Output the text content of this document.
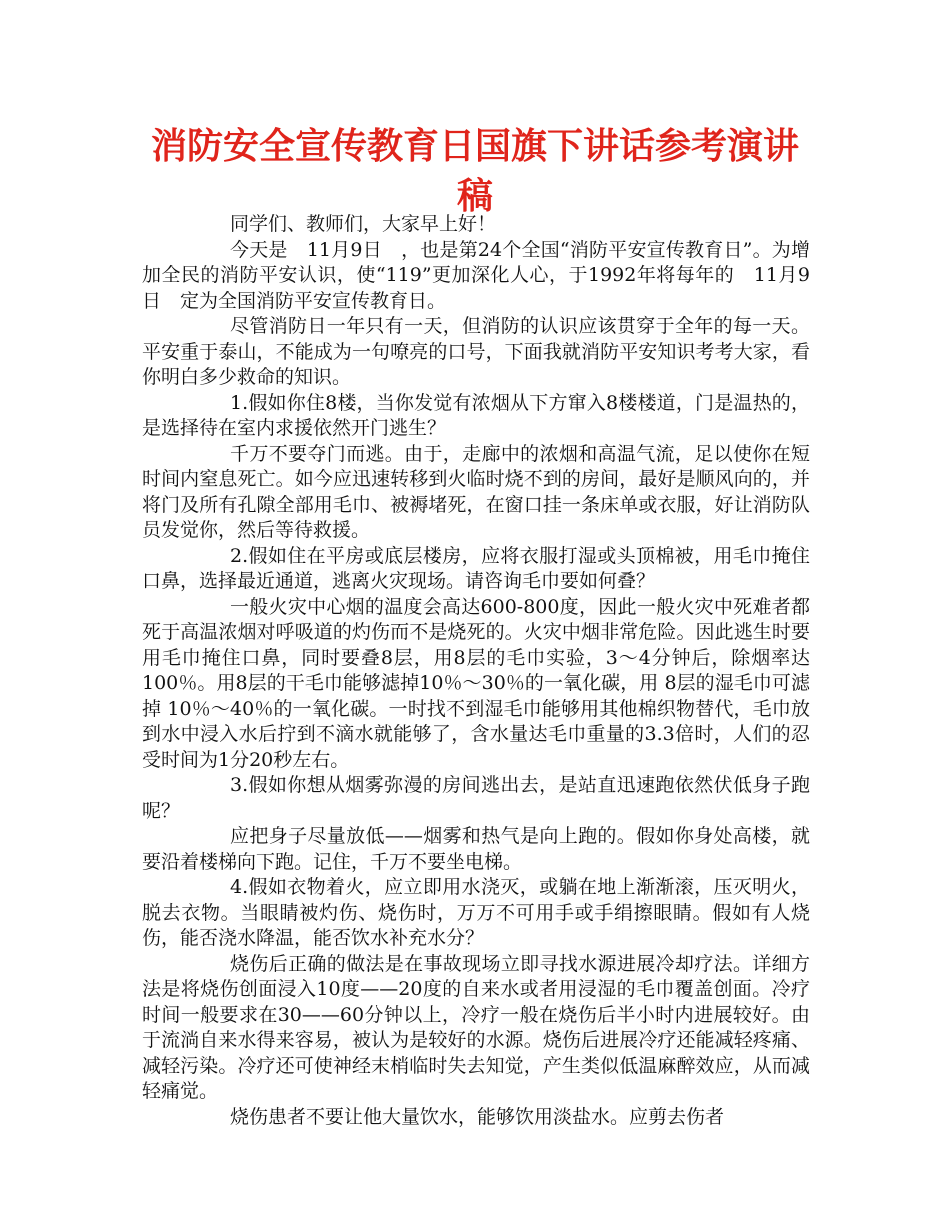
消防安全宣传教育日国旗下讲话参考演讲稿

同学们、教师们，大家早上好！

今天是　11月9日　，也是第24个全国“消防平安宣传教育日”。为增加全民的消防平安认识，使“119”更加深化人心，于1992年将每年的　11月9日　定为全国消防平安宣传教育日。

尽管消防日一年只有一天，但消防的认识应该贯穿于全年的每一天。平安重于泰山，不能成为一句嘹亮的口号，下面我就消防平安知识考考大家，看你明白多少救命的知识。

1.假如你住8楼，当你发觉有浓烟从下方窜入8楼楼道，门是温热的，是选择待在室内求援依然开门逃生？

千万不要夺门而逃。由于，走廊中的浓烟和高温气流，足以使你在短时间内窒息死亡。如今应迅速转移到火临时烧不到的房间，最好是顺风向的，并将门及所有孔隙全部用毛巾、被褥堵死，在窗口挂一条床单或衣服，好让消防队员发觉你，然后等待救援。

2.假如住在平房或底层楼房，应将衣服打湿或头顶棉被，用毛巾掩住口鼻，选择最近通道，逃离火灾现场。请咨询毛巾要如何叠？

一般火灾中心烟的温度会高达600-800度，因此一般火灾中死难者都死于高温浓烟对呼吸道的灼伤而不是烧死的。火灾中烟非常危险。因此逃生时要用毛巾掩住口鼻，同时要叠8层，用8层的毛巾实验，3～4分钟后，除烟率达100％。用8层的干毛巾能够滤掉10％～30％的一氧化碳，用 8层的湿毛巾可滤掉 10％～40％的一氧化碳。一时找不到湿毛巾能够用其他棉织物替代，毛巾放到水中浸入水后拧到不滴水就能够了，含水量达毛巾重量的3.3倍时，人们的忍受时间为1分20秒左右。

3.假如你想从烟雾弥漫的房间逃出去，是站直迅速跑依然伏低身子跑呢？

应把身子尽量放低——烟雾和热气是向上跑的。假如你身处高楼，就要沿着楼梯向下跑。记住，千万不要坐电梯。

4.假如衣物着火，应立即用水浇灭，或躺在地上渐渐滚，压灭明火，脱去衣物。当眼睛被灼伤、烧伤时，万万不可用手或手绢擦眼睛。假如有人烧伤，能否浇水降温，能否饮水补充水分？

烧伤后正确的做法是在事故现场立即寻找水源进展冷却疗法。详细方法是将烧伤创面浸入10度——20度的自来水或者用浸湿的毛巾覆盖创面。冷疗时间一般要求在30——60分钟以上，冷疗一般在烧伤后半小时内进展较好。由于流淌自来水得来容易，被认为是较好的水源。烧伤后进展冷疗还能减轻疼痛、减轻污染。冷疗还可使神经末梢临时失去知觉，产生类似低温麻醉效应，从而减轻痛觉。

烧伤患者不要让他大量饮水，能够饮用淡盐水。应剪去伤者
